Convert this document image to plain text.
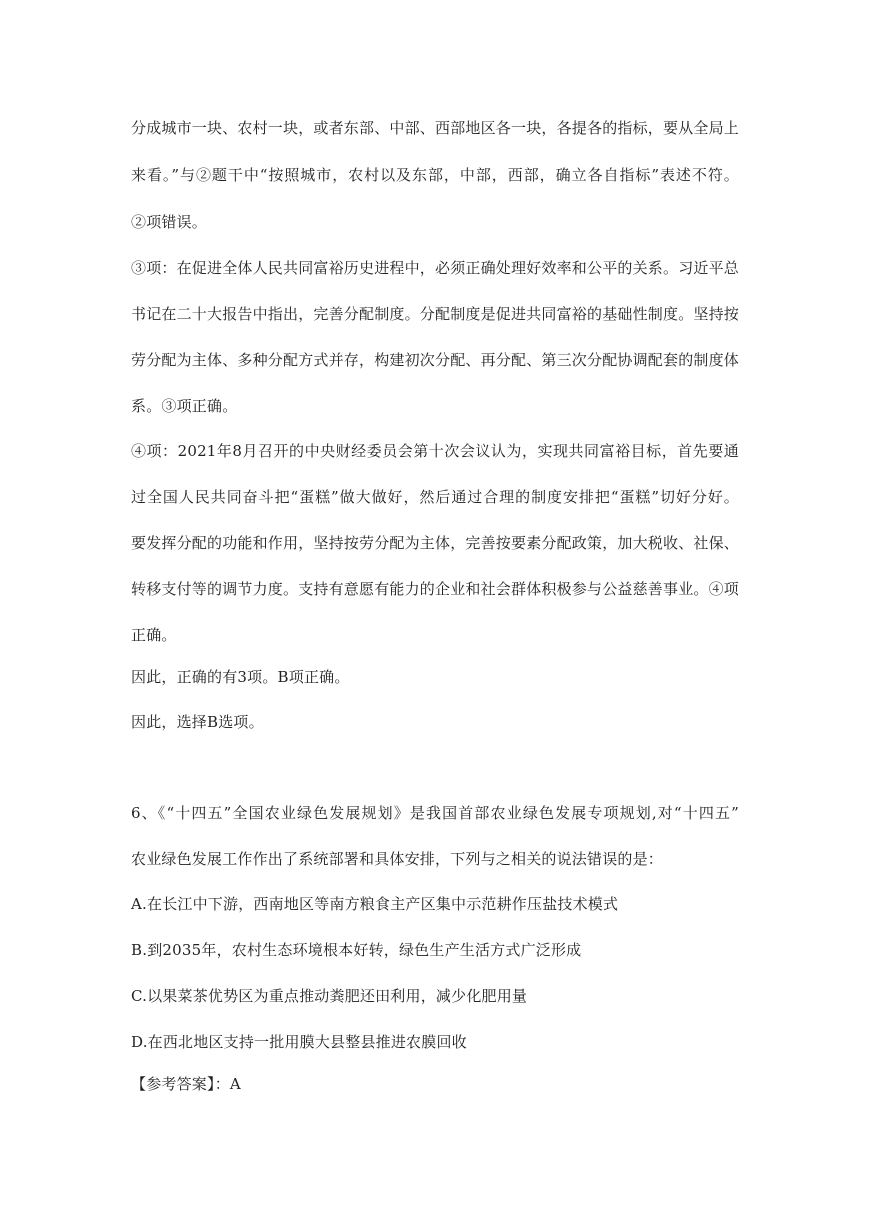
分成城市一块、农村一块，或者东部、中部、西部地区各一块，各提各的指标，要从全局上
来看。”与②题干中“按照城市，农村以及东部，中部，西部，确立各自指标”表述不符。
②项错误。
③项：在促进全体人民共同富裕历史进程中，必须正确处理好效率和公平的关系。习近平总
书记在二十大报告中指出，完善分配制度。分配制度是促进共同富裕的基础性制度。坚持按
劳分配为主体、多种分配方式并存，构建初次分配、再分配、第三次分配协调配套的制度体
系。③项正确。
④项：2021年8月召开的中央财经委员会第十次会议认为，实现共同富裕目标，首先要通
过全国人民共同奋斗把“蛋糕”做大做好，然后通过合理的制度安排把“蛋糕”切好分好。
要发挥分配的功能和作用，坚持按劳分配为主体，完善按要素分配政策，加大税收、社保、
转移支付等的调节力度。支持有意愿有能力的企业和社会群体积极参与公益慈善事业。④项
正确。
因此，正确的有3项。B项正确。
因此，选择B选项。
6、《“十四五”全国农业绿色发展规划》是我国首部农业绿色发展专项规划,对“十四五”
农业绿色发展工作作出了系统部署和具体安排，下列与之相关的说法错误的是：
A.在长江中下游，西南地区等南方粮食主产区集中示范耕作压盐技术模式
B.到2035年，农村生态环境根本好转，绿色生产生活方式广泛形成
C.以果菜茶优势区为重点推动粪肥还田利用，减少化肥用量
D.在西北地区支持一批用膜大县整县推进农膜回收
【参考答案】：A
